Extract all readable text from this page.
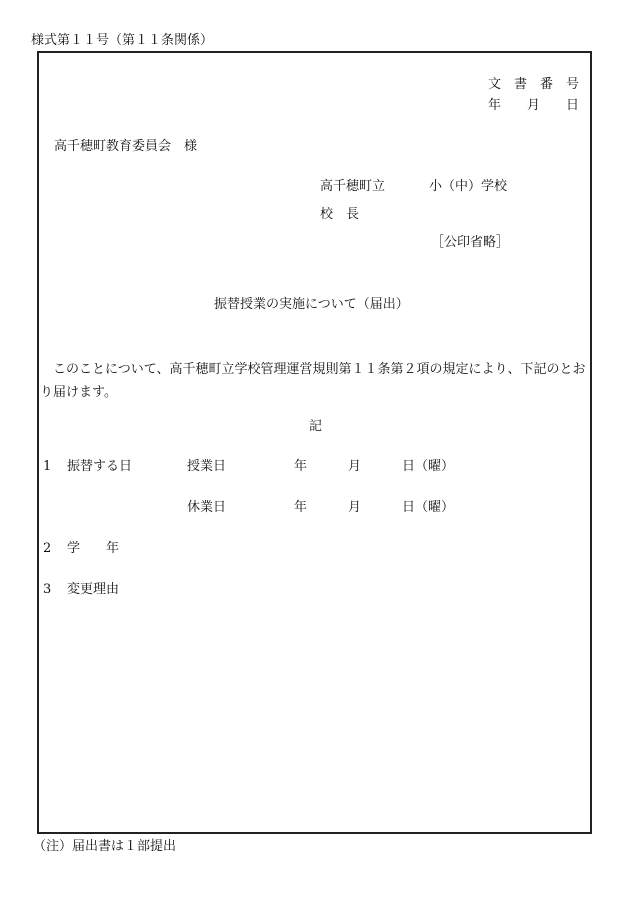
様式第１１号（第１１条関係）
文　書　番　号
年　　月　　日
高千穂町教育委員会　様
高千穂町立	小（中）学校
校　長
［公印省略］
振替授業の実施について（届出）
このことについて、高千穂町立学校管理運営規則第１１条第２項の規定により、下記のとおり届けます。
記
1 振替する日	授業日	年	月	日（曜）
休業日	年	月	日（曜）
2 学　　年
3 変更理由
（注）届出書は１部提出
